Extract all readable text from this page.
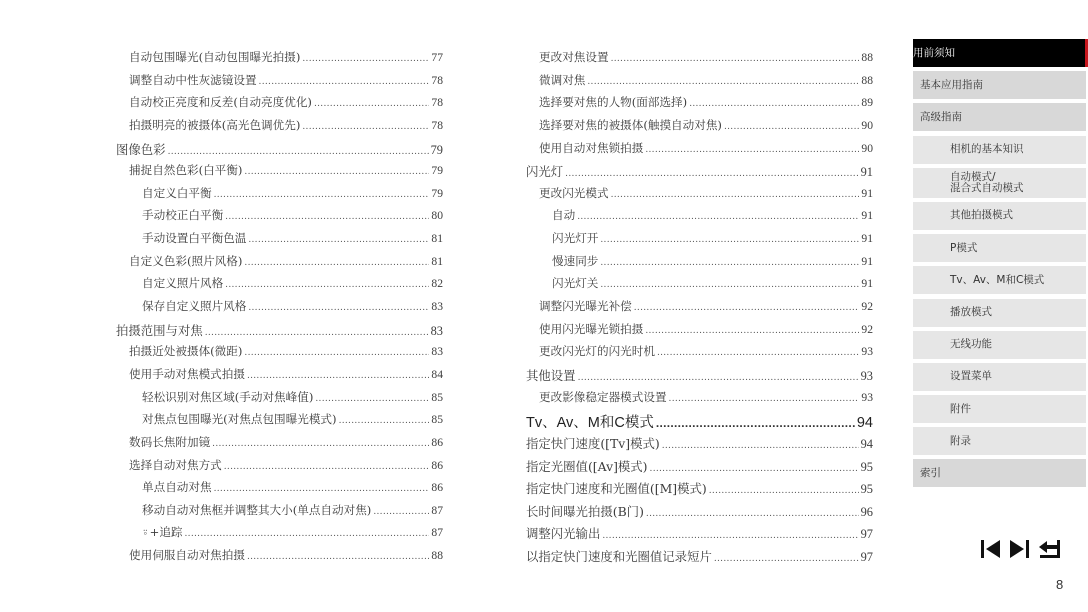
自动包围曝光(自动包围曝光拍摄) .....	77
调整自动中性灰滤镜设置 .....	78
自动校正亮度和反差(自动亮度优化) .....	78
拍摄明亮的被摄体(高光色调优先) .....	78
图像色彩 .....	79
捕捉自然色彩(白平衡) .....	79
自定义白平衡 .....	79
手动校正白平衡 .....	80
手动设置白平衡色温 .....	81
自定义色彩(照片风格) .....	81
自定义照片风格 .....	82
保存自定义照片风格 .....	83
拍摄范围与对焦 .....	83
拍摄近处被摄体(微距) .....	83
使用手动对焦模式拍摄 .....	84
轻松识别对焦区域(手动对焦峰值) .....	85
对焦点包围曝光(对焦点包围曝光模式) .....	85
数码长焦附加镜 .....	86
选择自动对焦方式 .....	86
单点自动对焦 .....	86
移动自动对焦框并调整其大小(单点自动对焦) .....	87
⍤+追踪 .....	87
使用伺服自动对焦拍摄 .....	88
更改对焦设置 .....	88
微调对焦 .....	88
选择要对焦的人物(面部选择) .....	89
选择要对焦的被摄体(触摸自动对焦) .....	90
使用自动对焦锁拍摄 .....	90
闪光灯 .....	91
更改闪光模式 .....	91
自动 .....	91
闪光灯开 .....	91
慢速同步 .....	91
闪光灯关 .....	91
调整闪光曝光补偿 .....	92
使用闪光曝光锁拍摄 .....	92
更改闪光灯的闪光时机 .....	93
其他设置 .....	93
更改影像稳定器模式设置 .....	93
Tv、Av、M和C模式 .....	94
指定快门速度([Tv]模式) .....	94
指定光圈值([Av]模式) .....	95
指定快门速度和光圈值([M]模式) .....	95
长时间曝光拍摄(B门) .....	96
调整闪光输出 .....	97
以指定快门速度和光圈值记录短片 .....	97
用前须知
基本应用指南
高级指南
相机的基本知识
自动模式/
混合式自动模式
其他拍摄模式
P模式
Tv、Av、M和C模式
播放模式
无线功能
设置菜单
附件
附录
索引
8
